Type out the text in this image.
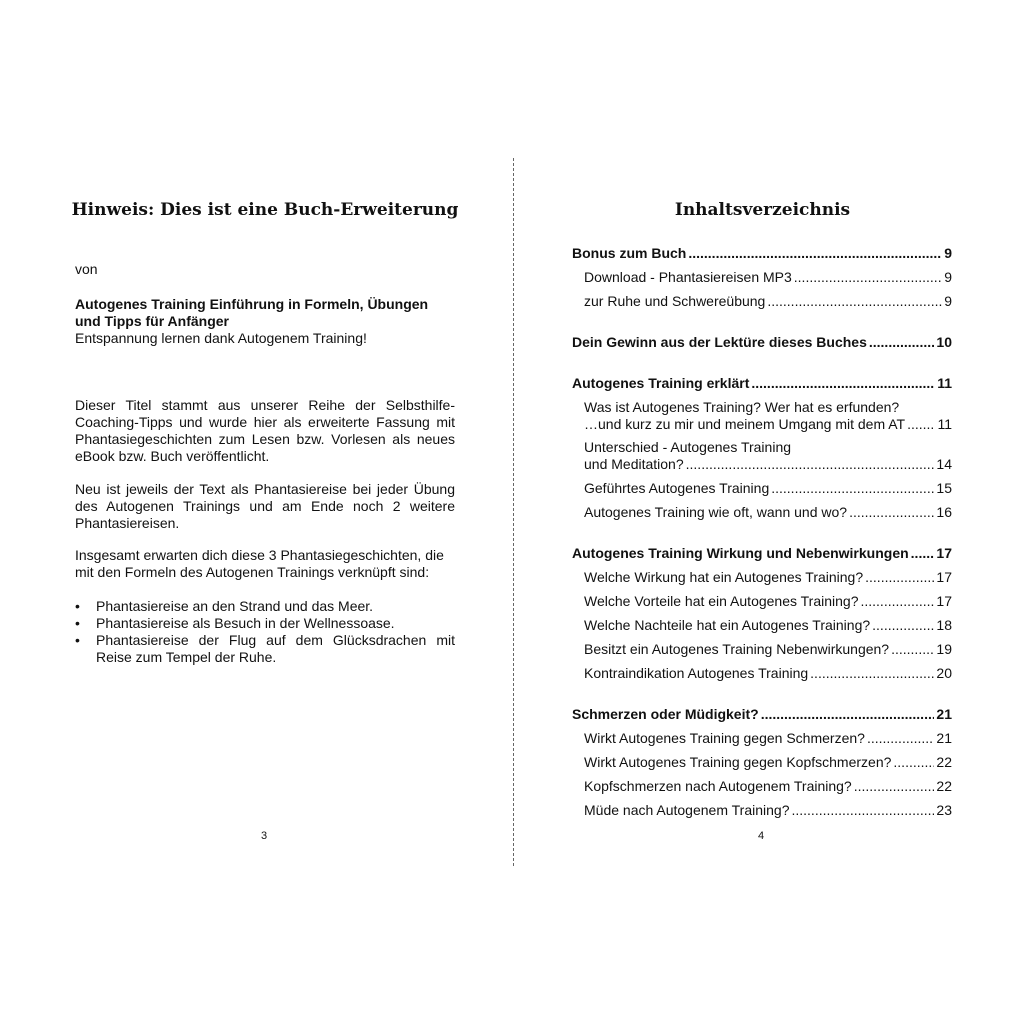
Hinweis: Dies ist eine Buch-Erweiterung
von
Autogenes Training Einführung in Formeln, Übungen und Tipps für Anfänger
Entspannung lernen dank Autogenem Training!

Dieser Titel stammt aus unserer Reihe der Selbsthilfe-Coaching-Tipps und wurde hier als erweiterte Fassung mit Phantasiegeschichten zum Lesen bzw. Vorlesen als neues eBook bzw. Buch veröffentlicht.

Neu ist jeweils der Text als Phantasiereise bei jeder Übung des Autogenen Trainings und am Ende noch 2 weitere Phantasiereisen.

Insgesamt erwarten dich diese 3 Phantasiegeschichten, die mit den Formeln des Autogenen Trainings verknüpft sind:

• Phantasiereise an den Strand und das Meer.
• Phantasiereise als Besuch in der Wellnessoase.
• Phantasiereise der Flug auf dem Glücksdrachen mit Reise zum Tempel der Ruhe.
3
Inhaltsverzeichnis
Bonus zum Buch .....	9
Download - Phantasiereisen MP3 .....	9
zur Ruhe und Schwereübung .....	9
Dein Gewinn aus der Lektüre dieses Buches .....	10
Autogenes Training erklärt .....	11
Was ist Autogenes Training? Wer hat es erfunden?
…und kurz zu mir und meinem Umgang mit dem AT ..... 11
Unterschied - Autogenes Training
und Meditation? .....	14
Geführtes Autogenes Training .....	15
Autogenes Training wie oft, wann und wo? .....	16
Autogenes Training Wirkung und Nebenwirkungen ..... 17
Welche Wirkung hat ein Autogenes Training? .....	17
Welche Vorteile hat ein Autogenes Training? .....	17
Welche Nachteile hat ein Autogenes Training? .....	18
Besitzt ein Autogenes Training Nebenwirkungen? .....	19
Kontraindikation Autogenes Training .....	20
Schmerzen oder Müdigkeit? .....	21
Wirkt Autogenes Training gegen Schmerzen? .....	21
Wirkt Autogenes Training gegen Kopfschmerzen? .....	22
Kopfschmerzen nach Autogenem Training? .....	22
Müde nach Autogenem Training? .....	23
4
